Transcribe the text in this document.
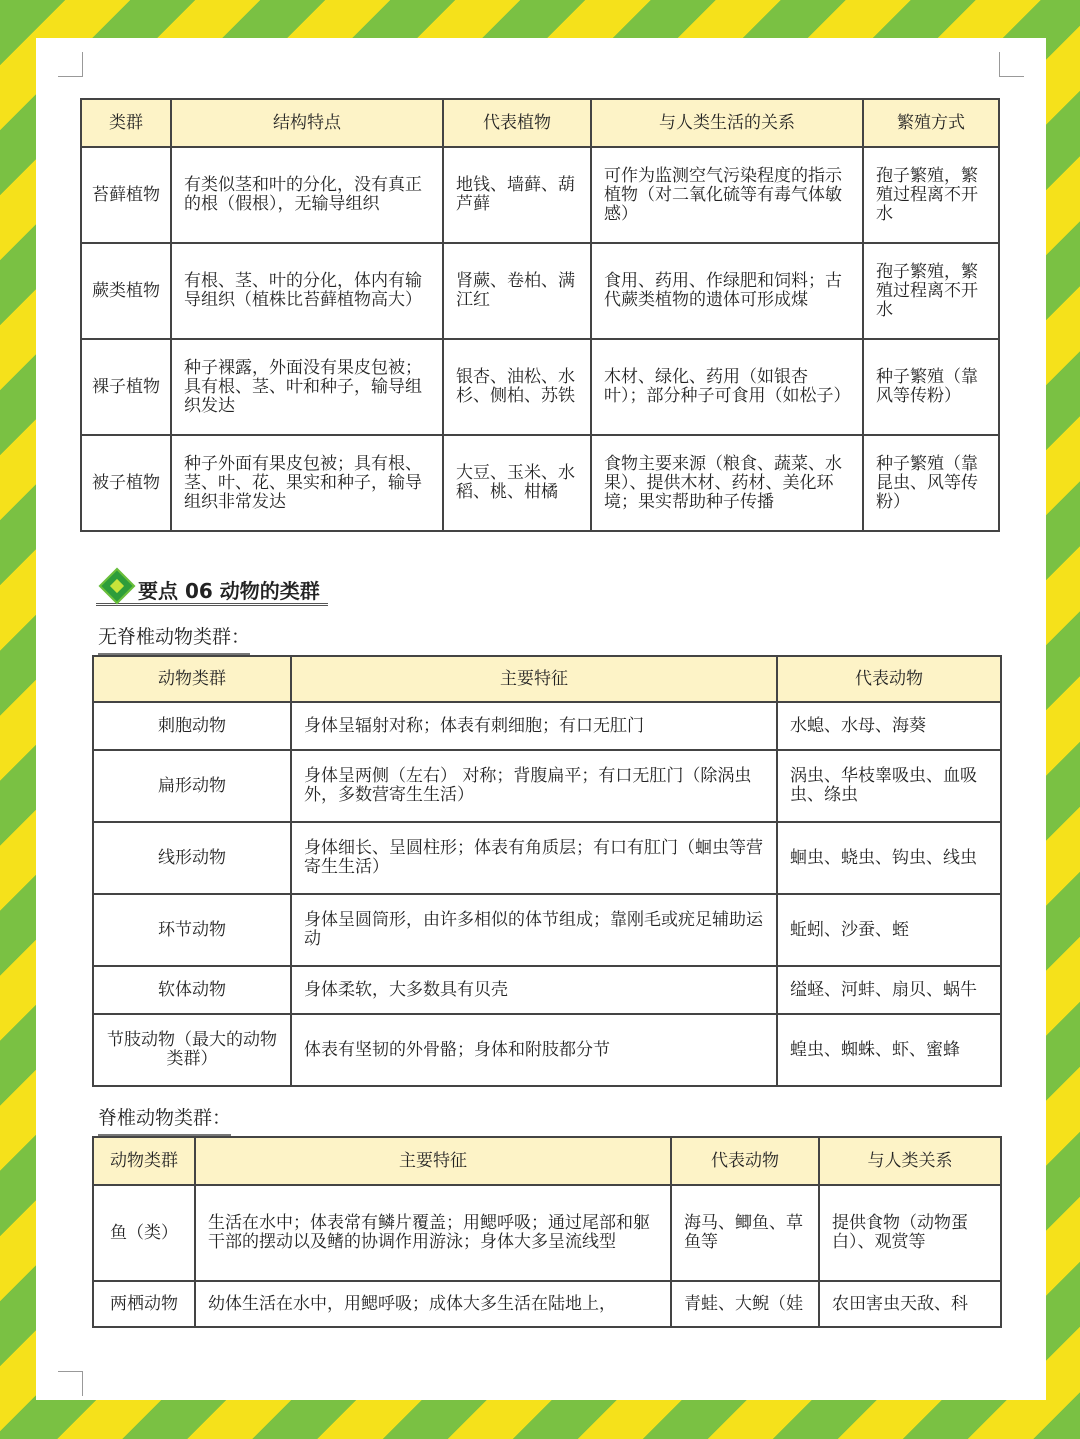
类群	结构特点	代表植物	与人类生活的关系	繁殖方式
苔藓植物	有类似茎和叶的分化，没有真正的根（假根），无输导组织	地钱、墙藓、葫芦藓	可作为监测空气污染程度的指示植物（对二氧化硫等有毒气体敏感）	孢子繁殖，繁殖过程离不开水
蕨类植物	有根、茎、叶的分化，体内有输导组织（植株比苔藓植物高大）	肾蕨、卷柏、满江红	食用、药用、作绿肥和饲料；古代蕨类植物的遗体可形成煤	孢子繁殖，繁殖过程离不开水
裸子植物	种子裸露，外面没有果皮包被；具有根、茎、叶和种子，输导组织发达	银杏、油松、水杉、侧柏、苏铁	木材、绿化、药用（如银杏叶）；部分种子可食用（如松子）	种子繁殖（靠风等传粉）
被子植物	种子外面有果皮包被；具有根、茎、叶、花、果实和种子，输导组织非常发达	大豆、玉米、水稻、桃、柑橘	食物主要来源（粮食、蔬菜、水果）、提供木材、药材、美化环境；果实帮助种子传播	种子繁殖（靠昆虫、风等传粉）
要点 06 动物的类群
无脊椎动物类群：
动物类群	主要特征	代表动物
刺胞动物	身体呈辐射对称；体表有刺细胞；有口无肛门	水螅、水母、海葵
扁形动物	身体呈两侧（左右） 对称；背腹扁平；有口无肛门（除涡虫外，多数营寄生生活）	涡虫、华枝睾吸虫、血吸虫、绦虫
线形动物	身体细长、呈圆柱形；体表有角质层；有口有肛门（蛔虫等营寄生生活）	蛔虫、蛲虫、钩虫、线虫
环节动物	身体呈圆筒形，由许多相似的体节组成；靠刚毛或疣足辅助运动	蚯蚓、沙蚕、蛭
软体动物	身体柔软，大多数具有贝壳	缢蛏、河蚌、扇贝、蜗牛
节肢动物（最大的动物类群）	体表有坚韧的外骨骼；身体和附肢都分节	蝗虫、蜘蛛、虾、蜜蜂
脊椎动物类群：
动物类群	主要特征	代表动物	与人类关系
鱼（类）	生活在水中；体表常有鳞片覆盖；用鳃呼吸；通过尾部和躯干部的摆动以及鳍的协调作用游泳；身体大多呈流线型	海马、鲫鱼、草鱼等	提供食物（动物蛋白）、观赏等
两栖动物	幼体生活在水中，用鳃呼吸；成体大多生活在陆地上，	青蛙、大鲵（娃	农田害虫天敌、科
